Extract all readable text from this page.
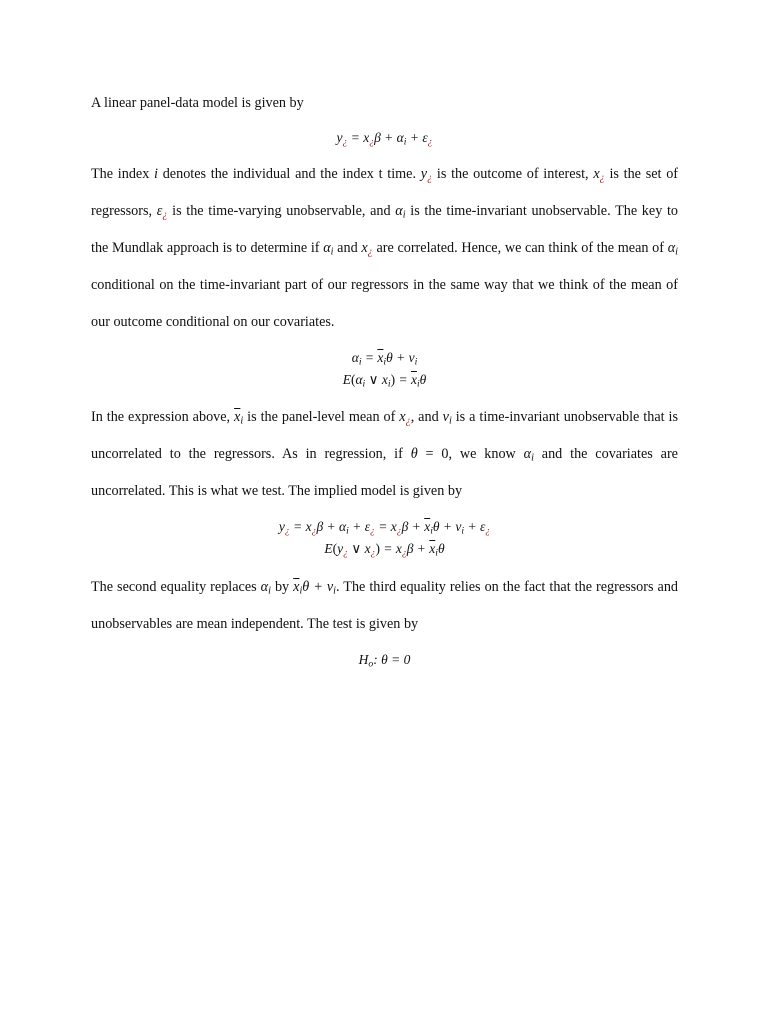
A linear panel-data model is given by

$y_¿ = x_¿\beta + \alpha_i + \varepsilon_¿$

The index i denotes the individual and the index t time. $y_¿$ is the outcome of interest, $x_¿$ is the set of regressors, $\varepsilon_¿$ is the time-varying unobservable, and $\alpha_i$ is the time-invariant unobservable. The key to the Mundlak approach is to determine if $\alpha_i$ and $x_¿$ are correlated. Hence, we can think of the mean of $\alpha_i$ conditional on the time-invariant part of our regressors in the same way that we think of the mean of our outcome conditional on our covariates.

$\alpha_i = \overline{x}_i\theta + v_i$
$E(\alpha_i$ ∨ $x_i) = \overline{x}_i\theta$

In the expression above, $\overline{x}_i$ is the panel-level mean of $x_¿$, and $v_i$ is a time-invariant unobservable that is uncorrelated to the regressors. As in regression, if θ = 0, we know $\alpha_i$ and the covariates are uncorrelated. This is what we test. The implied model is given by

$y_¿ = x_¿\beta + \alpha_i + \varepsilon_¿ = x_¿\beta + \overline{x}_i\theta + v_i + \varepsilon_¿$
$E(y_¿$ ∨ $x_¿) = x_¿\beta + \overline{x}_i\theta$

The second equality replaces $\alpha_i$ by $\overline{x}_i\theta + v_i$. The third equality relies on the fact that the regressors and unobservables are mean independent. The test is given by

$H_o$: θ = 0
